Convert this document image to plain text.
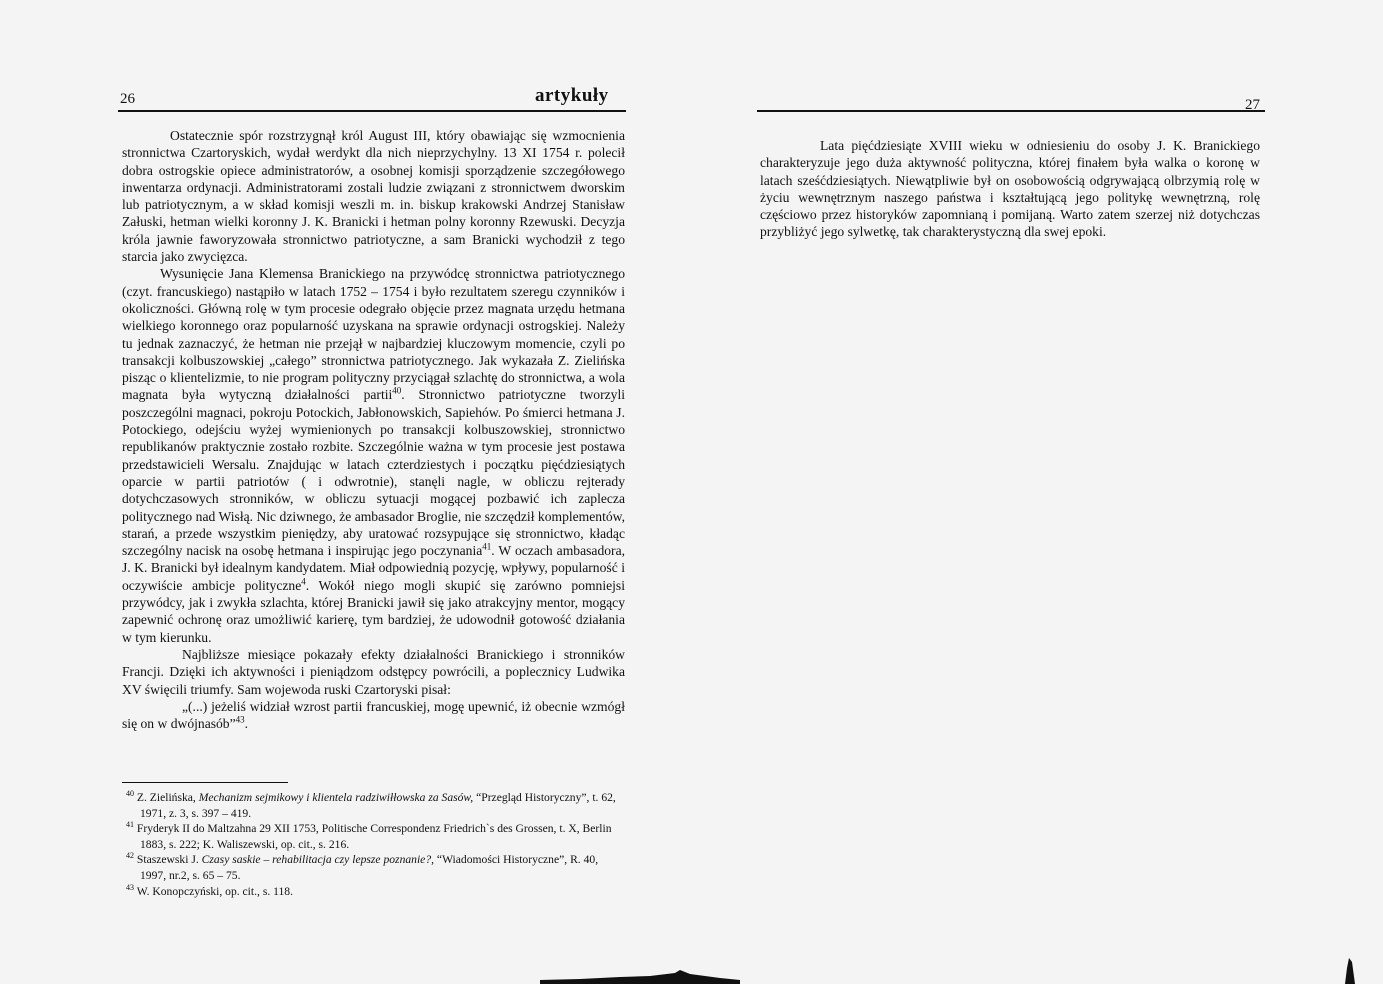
26	artykuły

Ostatecznie spór rozstrzygnął król August III, który obawiając się wzmocnienia stronnictwa Czartoryskich, wydał werdykt dla nich nieprzychylny. 13 XI 1754 r. polecił dobra ostrogskie opiece administratorów, a osobnej komisji sporządzenie szczegółowego inwentarza ordynacji. Administratorami zostali ludzie związani z stronnictwem dworskim lub patriotycznym, a w skład komisji weszli m. in. biskup krakowski Andrzej Stanisław Załuski, hetman wielki koronny J. K. Branicki i hetman polny koronny Rzewuski. Decyzja króla jawnie faworyzowała stronnictwo patriotyczne, a sam Branicki wychodził z tego starcia jako zwycięzca.

Wysunięcie Jana Klemensa Branickiego na przywódcę stronnictwa patriotycznego (czyt. francuskiego) nastąpiło w latach 1752 – 1754 i było rezultatem szeregu czynników i okoliczności. Główną rolę w tym procesie odegrało objęcie przez magnata urzędu hetmana wielkiego koronnego oraz popularność uzyskana na sprawie ordynacji ostrogskiej. Należy tu jednak zaznaczyć, że hetman nie przejął w najbardziej kluczowym momencie, czyli po transakcji kolbuszowskiej „całego” stronnictwa patriotycznego. Jak wykazała Z. Zielińska pisząc o klientelizmie, to nie program polityczny przyciągał szlachtę do stronnictwa, a wola magnata była wytyczną działalności partii$^{40}$. Stronnictwo patriotyczne tworzyli poszczególni magnaci, pokroju Potockich, Jabłonowskich, Sapiehów. Po śmierci hetmana J. Potockiego, odejściu wyżej wymienionych po transakcji kolbuszowskiej, stronnictwo republikanów praktycznie zostało rozbite. Szczególnie ważna w tym procesie jest postawa przedstawicieli Wersalu. Znajdując w latach czterdziestych i początku pięćdziesiątych oparcie w partii patriotów ( i odwrotnie), stanęli nagle, w obliczu rejterady dotychczasowych stronników, w obliczu sytuacji mogącej pozbawić ich zaplecza politycznego nad Wisłą. Nic dziwnego, że ambasador Broglie, nie szczędził komplementów, starań, a przede wszystkim pieniędzy, aby uratować rozsypujące się stronnictwo, kładąc szczególny nacisk na osobę hetmana i inspirując jego poczynania$^{41}$. W oczach ambasadora, J. K. Branicki był idealnym kandydatem. Miał odpowiednią pozycję, wpływy, popularność i oczywiście ambicje polityczne$^4$. Wokół niego mogli skupić się zarówno pomniejsi przywódcy, jak i zwykła szlachta, której Branicki jawił się jako atrakcyjny mentor, mogący zapewnić ochronę oraz umożliwić karierę, tym bardziej, że udowodnił gotowość działania w tym kierunku.

Najbliższe miesiące pokazały efekty działalności Branickiego i stronników Francji. Dzięki ich aktywności i pieniądzom odstępcy powrócili, a poplecznicy Ludwika XV święcili triumfy. Sam wojewoda ruski Czartoryski pisał:

„(...) jeżeliś widział wzrost partii francuskiej, mogę upewnić, iż obecnie wzmógł się on w dwójnasób”$^{43}$.

$^{40}$ Z. Zielińska, Mechanizm sejmikowy i klientela radziwiłłowska za Sasów, “Przegląd Historyczny”, t. 62, 1971, z. 3, s. 397 – 419.

$^{41}$ Fryderyk II do Maltzahna 29 XII 1753, Politische Correspondenz Friedrich`s des Grossen, t. X, Berlin 1883, s. 222; K. Waliszewski, op. cit., s. 216.

$^{42}$ Staszewski J. Czasy saskie – rehabilitacja czy lepsze poznanie?, “Wiadomości Historyczne”, R. 40, 1997, nr.2, s. 65 – 75.

$^{43}$ W. Konopczyński, op. cit., s. 118.

27

Lata pięćdziesiąte XVIII wieku w odniesieniu do osoby J. K. Branickiego charakteryzuje jego duża aktywność polityczna, której finałem była walka o koronę w latach sześćdziesiątych. Niewątpliwie był on osobowością odgrywającą olbrzymią rolę w życiu wewnętrznym naszego państwa i kształtującą jego politykę wewnętrzną, rolę częściowo przez historyków zapomnianą i pomijaną. Warto zatem szerzej niż dotychczas przybliżyć jego sylwetkę, tak charakterystyczną dla swej epoki.
